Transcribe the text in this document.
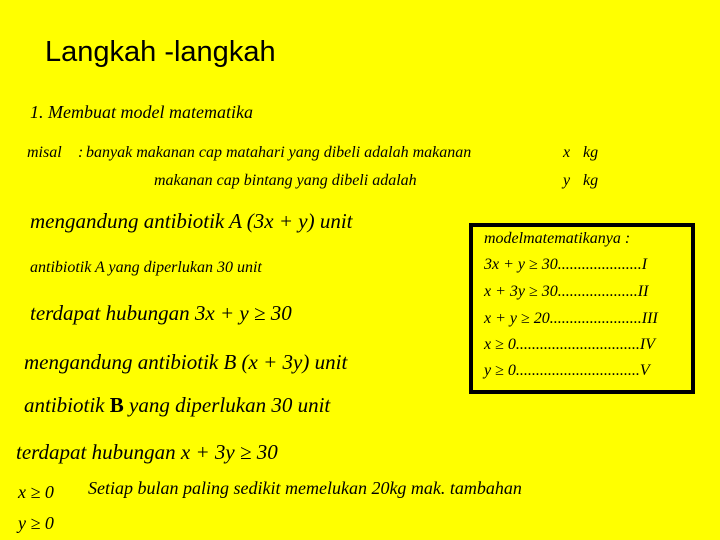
Langkah -langkah
1. Membuat model matematika
misal : banyak makanan cap matahari yang dibeli adalah makanan	x kg
makanan cap bintang yang dibeli adalah	y kg
mengandung antibiotik A (3x + y) unit
antibiotik A yang diperlukan 30 unit
terdapat hubungan 3x + y ≥ 30
mengandung antibiotik B (x + 3y) unit
antibiotik B yang diperlukan 30 unit
terdapat hubungan x + 3y ≥ 30
x ≥ 0
y ≥ 0
Setiap bulan paling sedikit memelukan 20kg mak. tambahan
modelmatematikanya :
3x + y ≥ 30.....................I
x + 3y ≥ 30....................II
x + y ≥ 20.......................III
x ≥ 0...............................IV
y ≥ 0...............................V
